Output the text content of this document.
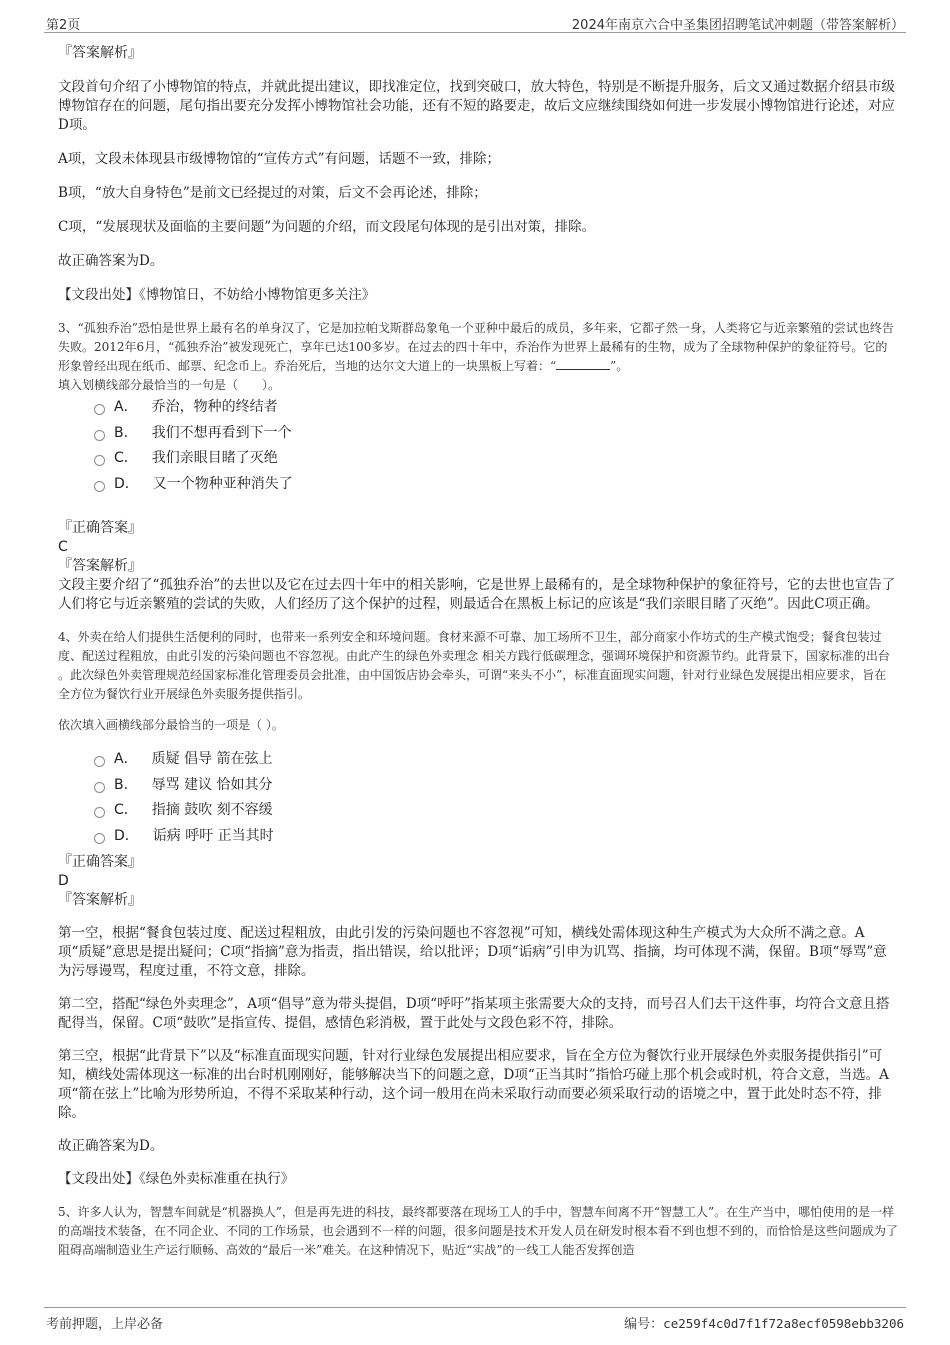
第2页	2024年南京六合中圣集团招聘笔试冲刺题（带答案解析）

『答案解析』

文段首句介绍了小博物馆的特点，并就此提出建议，即找准定位，找到突破口，放大特色，特别是不断提升服务，后文又通过数据介绍县市级博物馆存在的问题，尾句指出要充分发挥小博物馆社会功能，还有不短的路要走，故后文应继续围绕如何进一步发展小博物馆进行论述，对应D项。

A项，文段未体现县市级博物馆的“宣传方式”有问题，话题不一致，排除；

B项，“放大自身特色”是前文已经提过的对策，后文不会再论述，排除；

C项，“发展现状及面临的主要问题”为问题的介绍，而文段尾句体现的是引出对策，排除。

故正确答案为D。

【文段出处】《博物馆日，不妨给小博物馆更多关注》

3、“孤独乔治”恐怕是世界上最有名的单身汉了，它是加拉帕戈斯群岛象龟一个亚种中最后的成员，多年来，它都孑然一身，人类将它与近亲繁殖的尝试也终告失败。2012年6月，“孤独乔治”被发现死亡，享年已达100多岁。在过去的四十年中，乔治作为世界上最稀有的生物，成为了全球物种保护的象征符号。它的形象曾经出现在纸币、邮票、纪念币上。乔治死后，当地的达尔文大道上的一块黑板上写着：“	”。

填入划横线部分最恰当的一句是（　　）。

A． 乔治，物种的终结者
B． 我们不想再看到下一个
C． 我们亲眼目睹了灭绝
D． 又一个物种亚种消失了

『正确答案』

C

『答案解析』

文段主要介绍了“孤独乔治”的去世以及它在过去四十年中的相关影响，它是世界上最稀有的，是全球物种保护的象征符号，它的去世也宣告了人们将它与近亲繁殖的尝试的失败，人们经历了这个保护的过程，则最适合在黑板上标记的应该是“我们亲眼目睹了灭绝”。因此C项正确。

4、外卖在给人们提供生活便利的同时，也带来一系列安全和环境问题。食材来源不可靠、加工场所不卫生，部分商家小作坊式的生产模式饱受；餐食包装过度、配送过程粗放，由此引发的污染问题也不容忽视。由此产生的绿色外卖理念 相关方践行低碳理念，强调环境保护和资源节约。此背景下，国家标准的出台 。此次绿色外卖管理规范经国家标准化管理委员会批准，由中国饭店协会牵头，可谓“来头不小”，标准直面现实问题，针对行业绿色发展提出相应要求，旨在全方位为餐饮行业开展绿色外卖服务提供指引。

依次填入画横线部分最恰当的一项是（ ）。

A． 质疑 倡导 箭在弦上
B． 辱骂 建议 恰如其分
C． 指摘 鼓吹 刻不容缓
D． 诟病 呼吁 正当其时

『正确答案』

D

『答案解析』

第一空，根据“餐食包装过度、配送过程粗放，由此引发的污染问题也不容忽视”可知，横线处需体现这种生产模式为大众所不满之意。A项“质疑”意思是提出疑问；C项“指摘”意为指责，指出错误，给以批评；D项“诟病”引申为讥骂、指摘，均可体现不满，保留。B项“辱骂”意为污辱谩骂，程度过重，不符文意，排除。

第二空，搭配“绿色外卖理念”，A项“倡导”意为带头提倡，D项“呼吁”指某项主张需要大众的支持，而号召人们去干这件事，均符合文意且搭配得当，保留。C项“鼓吹”是指宣传、提倡，感情色彩消极，置于此处与文段色彩不符，排除。

第三空，根据“此背景下”以及“标准直面现实问题，针对行业绿色发展提出相应要求，旨在全方位为餐饮行业开展绿色外卖服务提供指引”可知，横线处需体现这一标准的出台时机刚刚好，能够解决当下的问题之意，D项“正当其时”指恰巧碰上那个机会或时机，符合文意，当选。A项“箭在弦上”比喻为形势所迫，不得不采取某种行动，这个词一般用在尚未采取行动而要必须采取行动的语境之中，置于此处时态不符，排除。

故正确答案为D。

【文段出处】《绿色外卖标准重在执行》

5、许多人认为，智慧车间就是“机器换人”，但是再先进的科技，最终都要落在现场工人的手中，智慧车间离不开“智慧工人”。在生产当中，哪怕使用的是一样的高端技术装备，在不同企业、不同的工作场景，也会遇到不一样的问题，很多问题是技术开发人员在研发时根本看不到也想不到的，而恰恰是这些问题成为了阻碍高端制造业生产运行顺畅、高效的“最后一米”难关。在这种情况下，贴近“实战”的一线工人能否发挥创造

考前押题，上岸必备	编号：ce259f4c0d7f1f72a8ecf0598ebb3206
